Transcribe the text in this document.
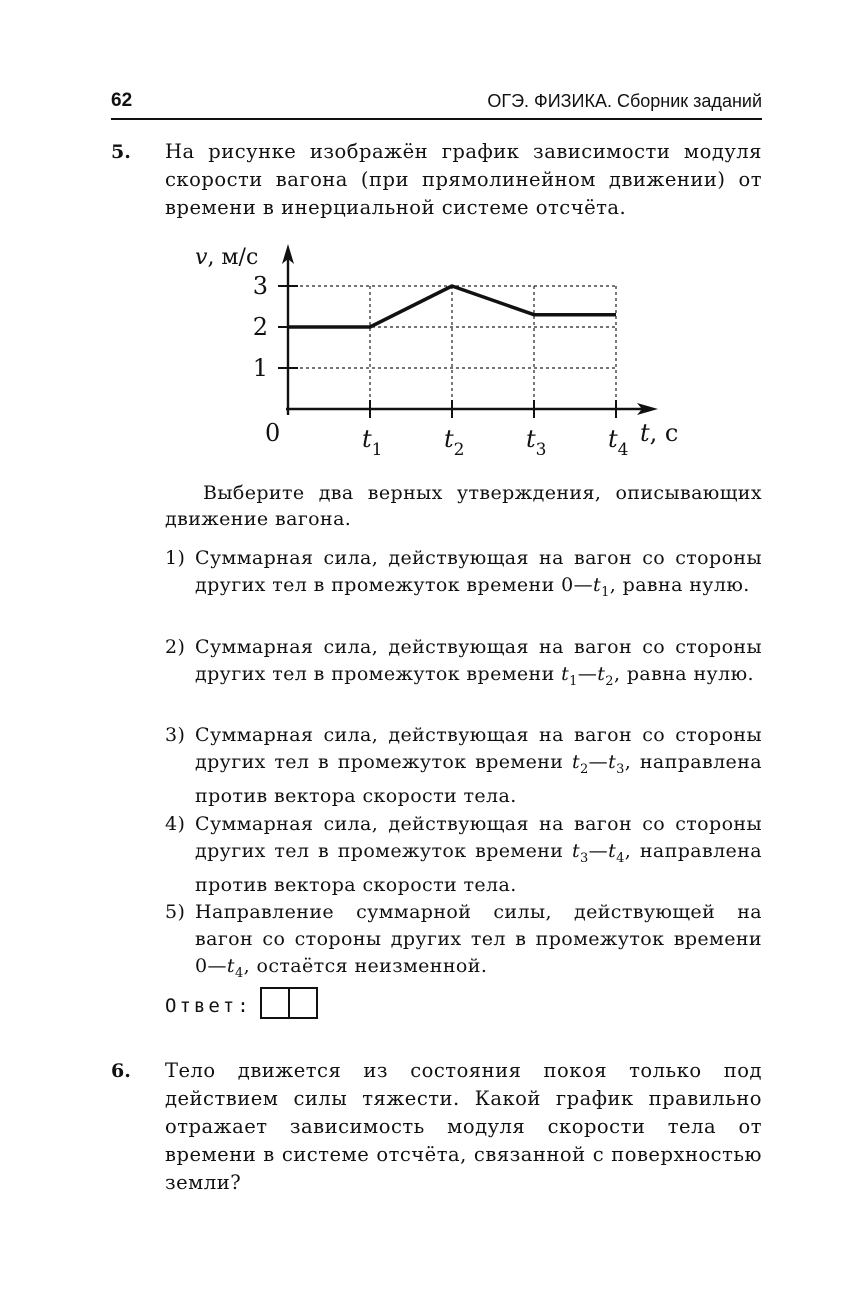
62	ОГЭ. ФИЗИКА. Сборник заданий
5. На рисунке изображён график зависимости модуля скорости вагона (при прямолинейном движении) от времени в инерциальной системе отсчёта.
1
2
3
$t_1$	$t_2$	$t_3$	$t_4$
0
v, м/с
t, с
Выберите два верных утверждения, описывающих движение вагона.
1) Суммарная сила, действующая на вагон со стороны других тел в промежуток времени $0—t_1$, равна нулю.
2) Суммарная сила, действующая на вагон со стороны других тел в промежуток времени $t_1—t_2$, равна нулю.
3) Суммарная сила, действующая на вагон со стороны других тел в промежуток времени $t_2—t_3$, направлена против вектора скорости тела.
4) Суммарная сила, действующая на вагон со стороны других тел в промежуток времени $t_3—t_4$, направлена против вектора скорости тела.
5) Направление суммарной силы, действующей на вагон со стороны других тел в промежуток времени $0—t_4$, остаётся неизменной.
Ответ:
6. Тело движется из состояния покоя только под действием силы тяжести. Какой график правильно отражает зависимость модуля скорости тела от времени в системе отсчёта, связанной с поверхностью земли?
